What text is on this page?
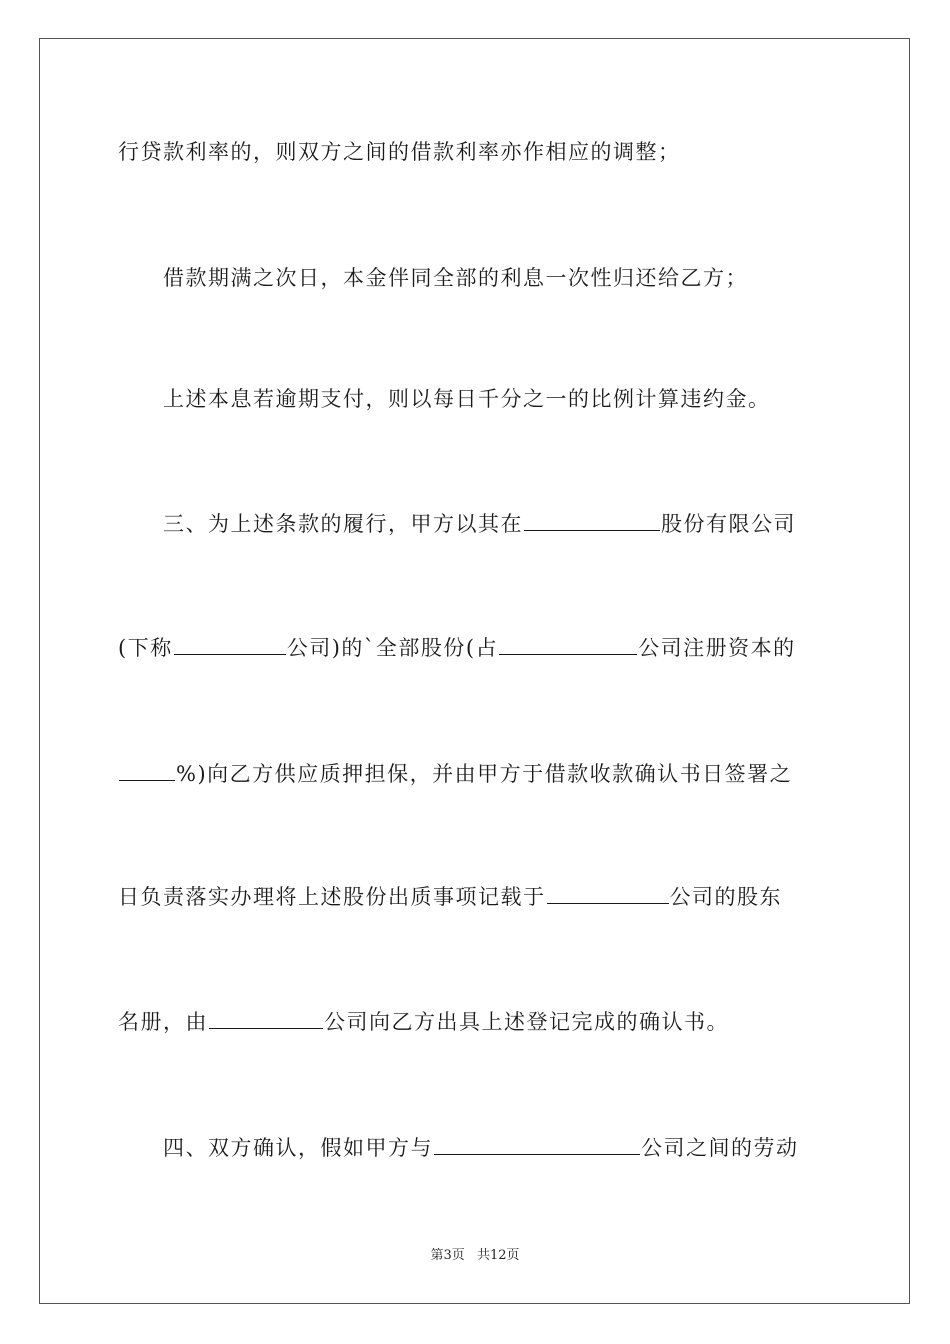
行贷款利率的，则双方之间的借款利率亦作相应的调整；
借款期满之次日，本金伴同全部的利息一次性归还给乙方；
上述本息若逾期支付，则以每日千分之一的比例计算违约金。
三、为上述条款的履行，甲方以其在	股份有限公司
(下称	公司)的`全部股份(占	公司注册资本的
%)向乙方供应质押担保，并由甲方于借款收款确认书日签署之
日负责落实办理将上述股份出质事项记载于	公司的股东
名册，由	公司向乙方出具上述登记完成的确认书。
四、双方确认，假如甲方与	公司之间的劳动
第3页 共12页
